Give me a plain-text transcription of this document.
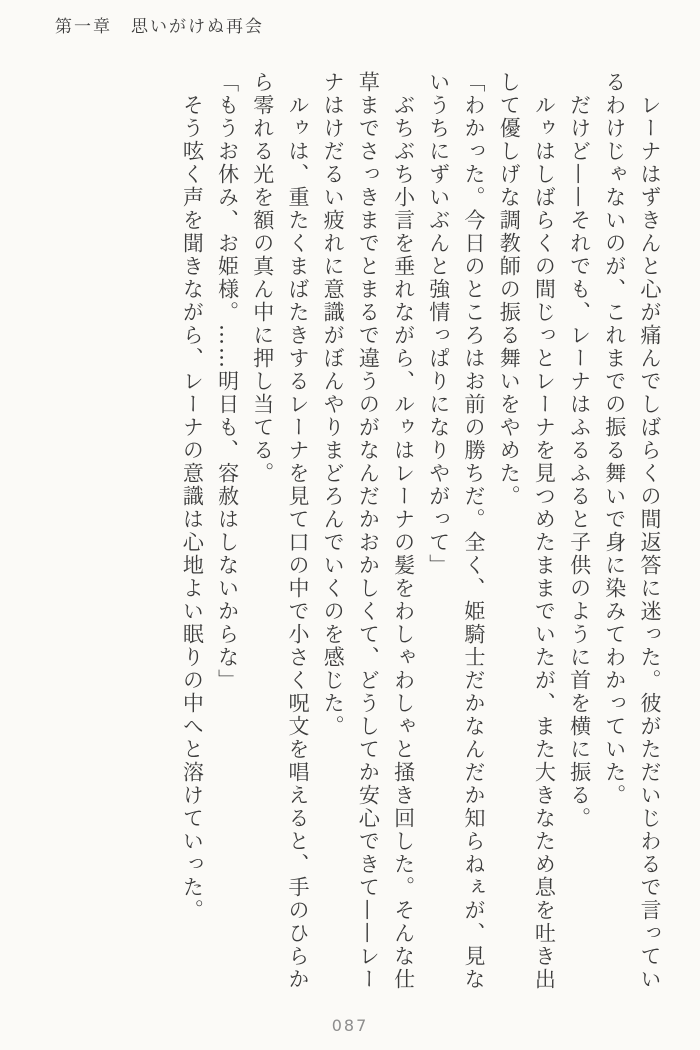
第一章　思いがけぬ再会

レーナはずきんと心が痛んでしばらくの間返答に迷った。彼がただいじわるで言っているわけじゃないのが、これまでの振る舞いで身に染みてわかっていた。

だけど——それでも、レーナはふるふると子供のように首を横に振る。

ルゥはしばらくの間じっとレーナを見つめたままでいたが、また大きなため息を吐き出して優しげな調教師の振る舞いをやめた。

「わかった。今日のところはお前の勝ちだ。全く、姫騎士だかなんだか知らねぇが、見ないうちにずいぶんと強情っぱりになりやがって」

ぶちぶち小言を垂れながら、ルゥはレーナの髪をわしゃわしゃと掻き回した。そんな仕草までさっきまでとまるで違うのがなんだかおかしくて、どうしてか安心できて——レーナはけだるい疲れに意識がぼんやりまどろんでいくのを感じた。

ルゥは、重たくまばたきするレーナを見て口の中で小さく呪文を唱えると、手のひらから零れる光を額の真ん中に押し当てる。

「もうお休み、お姫様。……明日も、容赦はしないからな」

そう呟く声を聞きながら、レーナの意識は心地よい眠りの中へと溶けていった。

087
